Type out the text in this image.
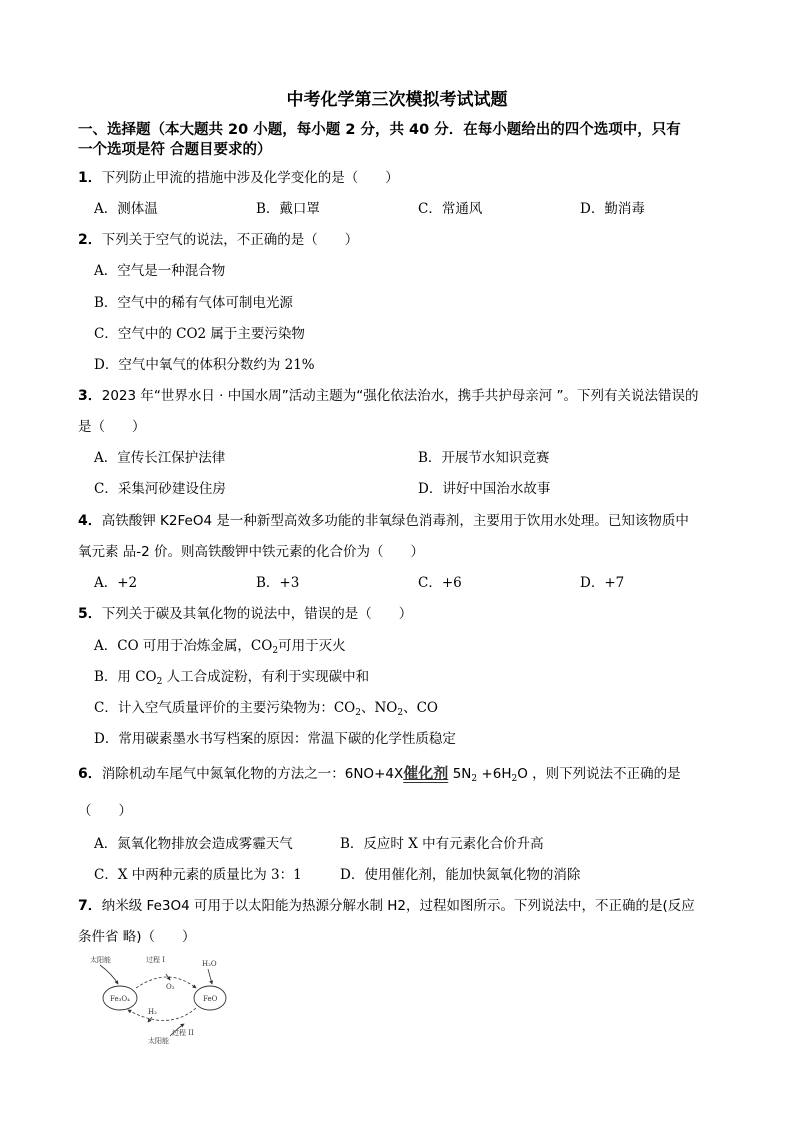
中考化学第三次模拟考试试题
一、选择题（本大题共 20 小题，每小题 2 分，共 40 分．在每小题给出的四个选项中，只有
一个选项是符 合题目要求的）
1．下列防止甲流的措施中涉及化学变化的是（　　）
A．测体温	B．戴口罩	C．常通风	D．勤消毒
2．下列关于空气的说法，不正确的是（　　）
A．空气是一种混合物
B．空气中的稀有气体可制电光源
C．空气中的 CO2 属于主要污染物
D．空气中氧气的体积分数约为 21%
3．2023 年“世界水日 · 中国水周”活动主题为“强化依法治水，携手共护母亲河 ”。下列有关说法错误的
是（　　）
A．宣传长江保护法律	B．开展节水知识竞赛
C．采集河砂建设住房	D．讲好中国治水故事
4．高铁酸钾 K2FeO4 是一种新型高效多功能的非氧绿色消毒剂，主要用于饮用水处理。已知该物质中
氧元素 品-2 价。则高铁酸钾中铁元素的化合价为（　　）
A．+2	B．+3	C．+6	D．+7
5．下列关于碳及其氧化物的说法中，错误的是（　　）
A．CO 可用于冶炼金属，$CO_2$可用于灭火
B．用 $CO_2$ 人工合成淀粉，有利于实现碳中和
C．计入空气质量评价的主要污染物为：$CO_2$、$NO_2$、CO
D．常用碳素墨水书写档案的原因：常温下碳的化学性质稳定
6．消除机动车尾气中氮氧化物的方法之一：6NO+4X催化剂 $5N_2 +6H_2O$ ，则下列说法不正确的是
（　　）
A．氮氧化物排放会造成雾霾天气	B．反应时 X 中有元素化合价升高
C．X 中两种元素的质量比为 3：1	D．使用催化剂，能加快氮氧化物的消除
7．纳米级 Fe3O4 可用于以太阳能为热源分解水制 H2，过程如图所示。下列说法中，不正确的是(反应
条件省 略)（　　）
太阳能	过程 I	H₂O
O₂
Fe₃O₄	FeO
H₂
过程 II
太阳能
